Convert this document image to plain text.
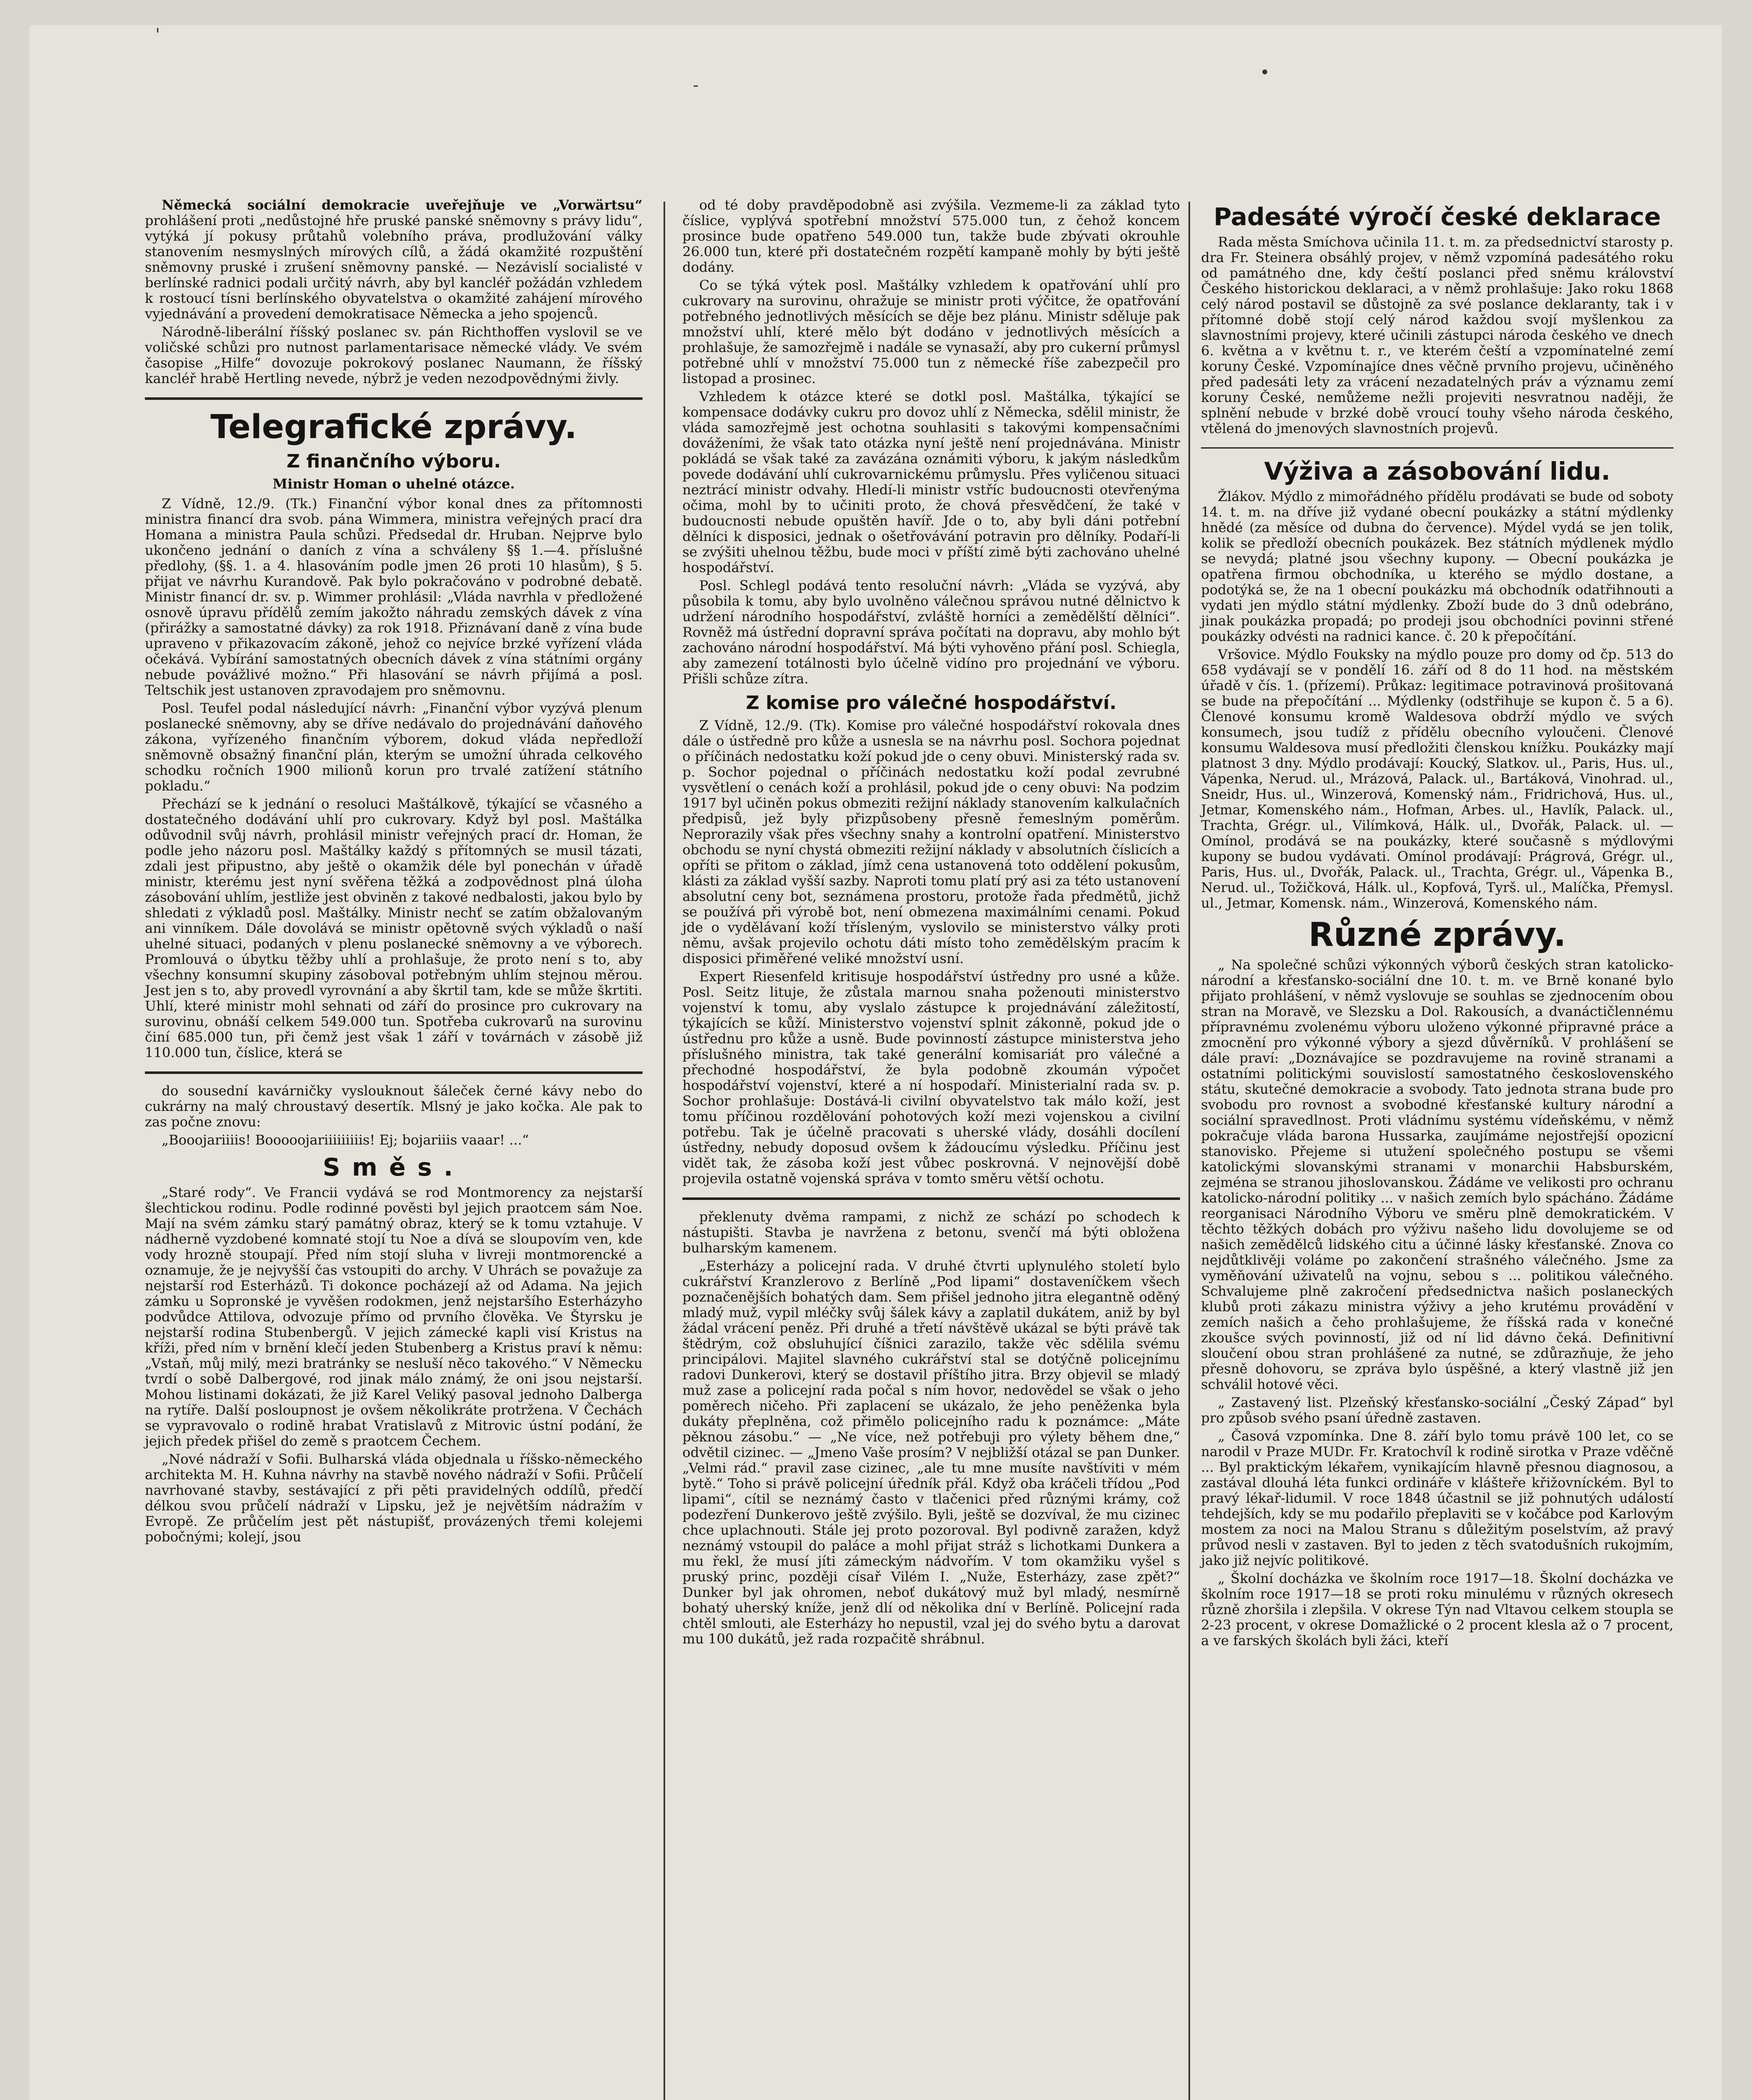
'
-
•

Německá sociální demokracie uveřejňuje ve „Vorwärtsu“ prohlášení proti „nedůstojné hře pruské panské sněmovny s právy lidu“, vytýká jí pokusy průtahů volebního práva, prodlužování války stanovením nesmyslných mírových cílů, a žádá okamžité rozpuštění sněmovny pruské i zrušení sněmovny panské. — Nezávislí socialisté v berlínské radnici podali určitý návrh, aby byl kancléř požádán vzhledem k rostoucí tísni berlínského obyvatelstva o okamžité zahájení mírového vyjednávání a provedení demokratisace Německa a jeho spojenců.

Národně-liberální říšský poslanec sv. pán Richthoffen vyslovil se ve voličské schůzi pro nutnost parlamentarisace německé vlády. Ve svém časopise „Hilfe“ dovozuje pokrokový poslanec Naumann, že říšský kancléř hrabě Hertling nevede, nýbrž je veden nezodpovědnými živly.

Telegrafické zprávy.
Z finančního výboru.
Ministr Homan o uhelné otázce.

Z Vídně, 12./9. (Tk.) Finanční výbor konal dnes za přítomnosti ministra financí dra svob. pána Wimmera, ministra veřejných prací dra Homana a ministra Paula schůzi. Předsedal dr. Hruban. Nejprve bylo ukončeno jednání o daních z vína a schváleny §§ 1.—4. příslušné předlohy, (§§. 1. a 4. hlasováním podle jmen 26 proti 10 hlasům), § 5. přijat ve návrhu Kurandově. Pak bylo pokračováno v podrobné debatě. Ministr financí dr. sv. p. Wimmer prohlásil: „Vláda navrhla v předložené osnově úpravu přídělů zemím jakožto náhradu zemských dávek z vína (přirážky a samostatné dávky) za rok 1918. Přiznávaní daně z vína bude upraveno v přikazovacím zákoně, jehož co nejvíce brzké vyřízení vláda očekává. Vybírání samostatných obecních dávek z vína státními orgány nebude povážlivé možno.“ Při hlasování se návrh přijímá a posl. Teltschik jest ustanoven zpravodajem pro sněmovnu.

Posl. Teufel podal následující návrh: „Finanční výbor vyzývá plenum poslanecké sněmovny, aby se dříve nedávalo do projednávání daňového zákona, vyřízeného finančním výborem, dokud vláda nepředloží sněmovně obsažný finanční plán, kterým se umožní úhrada celkového schodku ročních 1900 milionů korun pro trvalé zatížení státního pokladu.“

Přechází se k jednání o resoluci Maštálkově, týkající se včasného a dostatečného dodávání uhlí pro cukrovary. Když byl posl. Maštálka odůvodnil svůj návrh, prohlásil ministr veřejných prací dr. Homan, že podle jeho názoru posl. Maštálky každý s přítomných se musil tázati, zdali jest připustno, aby ještě o okamžik déle byl ponechán v úřadě ministr, kterému jest nyní svěřena těžká a zodpovědnost plná úloha zásobování uhlím, jestliže jest obviněn z takové nedbalosti, jakou bylo by shledati z výkladů posl. Maštálky. Ministr nechť se zatím obžalovaným ani vinníkem. Dále dovolává se ministr opětovně svých výkladů o naší uhelné situaci, podaných v plenu poslanecké sněmovny a ve výborech. Promlouvá o úbytku těžby uhlí a prohlašuje, že proto není s to, aby všechny konsumní skupiny zásoboval potřebným uhlím stejnou měrou. Jest jen s to, aby provedl vyrovnání a aby škrtil tam, kde se může škrtiti. Uhlí, které ministr mohl sehnati od září do prosince pro cukrovary na surovinu, obnáší celkem 549.000 tun. Spotřeba cukrovarů na surovinu činí 685.000 tun, při čemž jest však 1 září v továrnách v zásobě již 110.000 tun, číslice, která se

do sousední kavárničky vyslouknout šáleček černé kávy nebo do cukrárny na malý chroustavý desertík. Mlsný je jako kočka. Ale pak to zas počne znovu:

„Booojariiiis! Booooojariiiiiiiiis! Ej; bojariiis vaaar! ...“

Směs.

„Staré rody“. Ve Francii vydává se rod Montmorency za nejstarší šlechtickou rodinu. Podle rodinné pověsti byl jejich praotcem sám Noe. Mají na svém zámku starý památný obraz, který se k tomu vztahuje. V nádherně vyzdobené komnaté stojí tu Noe a dívá se sloupovím ven, kde vody hrozně stoupají. Před ním stojí sluha v livreji montmorencké a oznamuje, že je nejvyšší čas vstoupiti do archy. V Uhrách se považuje za nejstarší rod Esterházů. Ti dokonce pocházejí až od Adama. Na jejich zámku u Sopronské je vyvěšen rodokmen, jenž nejstaršího Esterházyho podvůdce Attilova, odvozuje přímo od prvního člověka. Ve Štyrsku je nejstarší rodina Stubenbergů. V jejich zámecké kapli visí Kristus na kříži, před ním v brnění klečí jeden Stubenberg a Kristus praví k němu: „Vstaň, můj milý, mezi bratránky se nesluší něco takového.“ V Německu tvrdí o sobě Dalbergové, rod jinak málo známý, že oni jsou nejstarší. Mohou listinami dokázati, že již Karel Veliký pasoval jednoho Dalberga na rytíře. Další posloupnost je ovšem několikráte protržena. V Čechách se vypravovalo o rodině hrabat Vratislavů z Mitrovic ústní podání, že jejich předek přišel do země s praotcem Čechem.

„Nové nádraží v Sofii. Bulharská vláda objednala u říšsko-německého architekta M. H. Kuhna návrhy na stavbě nového nádraží v Sofii. Průčelí navrhované stavby, sestávající z při pěti pravidelných oddílů, předčí délkou svou průčelí nádraží v Lipsku, jež je největším nádražím v Evropě. Ze průčelím jest pět nástupišť, provázených třemi kolejemi pobočnými; kolejí, jsou

od té doby pravděpodobně asi zvýšila. Vezmeme-li za základ tyto číslice, vyplývá spotřební množství 575.000 tun, z čehož koncem prosince bude opatřeno 549.000 tun, takže bude zbývati okrouhle 26.000 tun, které při dostatečném rozpětí kampaně mohly by býti ještě dodány.

Co se týká výtek posl. Maštálky vzhledem k opatřování uhlí pro cukrovary na surovinu, ohražuje se ministr proti výčitce, že opatřování potřebného jednotlivých měsících se děje bez plánu. Ministr sděluje pak množství uhlí, které mělo být dodáno v jednotlivých měsících a prohlašuje, že samozřejmě i nadále se vynasaží, aby pro cukerní průmysl potřebné uhlí v množství 75.000 tun z německé říše zabezpečil pro listopad a prosinec.

Vzhledem k otázce které se dotkl posl. Maštálka, týkající se kompensace dodávky cukru pro dovoz uhlí z Německa, sdělil ministr, že vláda samozřejmě jest ochotna souhlasiti s takovými kompensačními dováženími, že však tato otázka nyní ještě není projednávána. Ministr pokládá se však také za zavázána oznámiti výboru, k jakým následkům povede dodávání uhlí cukrovarnickému průmyslu. Přes vyličenou situaci neztrácí ministr odvahy. Hledí-li ministr vstříc budoucnosti otevřenýma očima, mohl by to učiniti proto, že chová přesvědčení, že také v budoucnosti nebude opuštěn havíř. Jde o to, aby byli dáni potřební dělníci k disposici, jednak o ošetřovávání potravin pro dělníky. Podaří-li se zvýšiti uhelnou těžbu, bude moci v příští zimě býti zachováno uhelné hospodářství.

Posl. Schlegl podává tento resoluční návrh: „Vláda se vyzývá, aby působila k tomu, aby bylo uvolněno válečnou správou nutné dělnictvo k udržení národního hospodářství, zvláště horníci a zemědělští dělníci“. Rovněž má ústřední dopravní správa počítati na dopravu, aby mohlo být zachováno národní hospodářství. Má býti vyhověno přání posl. Schiegla, aby zamezení totálnosti bylo účelně vidíno pro projednání ve výboru. Přišli schůze zítra.

Z komise pro válečné hospodářství.

Z Vídně, 12./9. (Tk). Komise pro válečné hospodářství rokovala dnes dále o ústředně pro kůže a usnesla se na návrhu posl. Sochora pojednat o příčinách nedostatku koží pokud jde o ceny obuvi. Ministerský rada sv. p. Sochor pojednal o příčinách nedostatku koží podal zevrubné vysvětlení o cenách koží a prohlásil, pokud jde o ceny obuvi: Na podzim 1917 byl učiněn pokus obmeziti režijní náklady stanovením kalkulačních předpisů, jež byly přizpůsobeny přesně řemeslným poměrům. Neprorazily však přes všechny snahy a kontrolní opatření. Ministerstvo obchodu se nyní chystá obmeziti režijní náklady v absolutních číslicích a opříti se přitom o základ, jímž cena ustanovená toto oddělení pokusům, klásti za základ vyšší sazby. Naproti tomu platí prý asi za této ustanovení absolutní ceny bot, seznámena prostoru, protože řada předmětů, jichž se používá při výrobě bot, není obmezena maximálními cenami. Pokud jde o vydělávaní koží třísleným, vyslovilo se ministerstvo války proti němu, avšak projevilo ochotu dáti místo toho zemědělským pracím k disposici přiměřené veliké množství usní.

Expert Riesenfeld kritisuje hospodářství ústředny pro usné a kůže. Posl. Seitz lituje, že zůstala marnou snaha poženouti ministerstvo vojenství k tomu, aby vyslalo zástupce k projednávání záležitostí, týkajících se kůží. Ministerstvo vojenství splnit zákonně, pokud jde o ústřednu pro kůže a usně. Bude povinností zástupce ministerstva jeho příslušného ministra, tak také generální komisariát pro válečné a přechodné hospodářství, že byla podobně zkoumán výpočet hospodářství vojenství, které a ní hospodaří. Ministerialní rada sv. p. Sochor prohlašuje: Dostává-li civilní obyvatelstvo tak málo koží, jest tomu příčinou rozdělování pohotových koží mezi vojenskou a civilní potřebu. Tak je účelně pracovati s uherské vlády, dosáhli docílení ústředny, nebudy doposud ovšem k žádoucímu výsledku. Příčinu jest vidět tak, že zásoba koží jest vůbec poskrovná. V nejnovější době projevila ostatně vojenská správa v tomto směru větší ochotu.

překlenuty dvěma rampami, z nichž ze schází po schodech k nástupišti. Stavba je navržena z betonu, svenčí má býti obložena bulharským kamenem.

„Esterházy a policejní rada. V druhé čtvrti uplynulého století bylo cukrářství Kranzlerovo z Berlíně „Pod lipami“ dostaveníčkem všech poznačenějších bohatých dam. Sem přišel jednoho jitra elegantně oděný mladý muž, vypil mléčky svůj šálek kávy a zaplatil dukátem, aniž by byl žádal vrácení peněz. Při druhé a třetí návštěvě ukázal se býti právě tak štědrým, což obsluhující číšnici zarazilo, takže věc sdělila svému principálovi. Majitel slavného cukrářství stal se dotýčně policejnímu radovi Dunkerovi, který se dostavil příštího jitra. Brzy objevil se mladý muž zase a policejní rada počal s ním hovor, nedovědel se však o jeho poměrech ničeho. Při zaplacení se ukázalo, že jeho peněženka byla dukáty přeplněna, což přimělo policejního radu k poznámce: „Máte pěknou zásobu.“ — „Ne více, než potřebuji pro výlety během dne,“ odvětil cizinec. — „Jmeno Vaše prosím? V nejbližší otázal se pan Dunker. „Velmi rád.“ pravil zase cizinec, „ale tu mne musíte navštíviti v mém bytě.“ Toho si právě policejní úředník přál. Když oba kráčeli třídou „Pod lipami“, cítil se neznámý často v tlačenici před různými krámy, což podezření Dunkerovo ještě zvýšilo. Byli, ještě se dozvíval, že mu cizinec chce uplachnouti. Stále jej proto pozoroval. Byl podivně zaražen, když neznámý vstoupil do paláce a mohl přijat stráž s lichotkami Dunkera a mu řekl, že musí jíti zámeckým nádvořím. V tom okamžiku vyšel s pruský princ, později císař Vilém I. „Nuže, Esterházy, zase zpět?“ Dunker byl jak ohromen, neboť dukátový muž byl mladý, nesmírně bohatý uherský kníže, jenž dlí od několika dní v Berlíně. Policejní rada chtěl smlouti, ale Esterházy ho nepustil, vzal jej do svého bytu a darovat mu 100 dukátů, jež rada rozpačitě shrábnul.

Padesáté výročí české deklarace

Rada města Smíchova učinila 11. t. m. za předsednictví starosty p. dra Fr. Steinera obsáhlý projev, v němž vzpomíná padesátého roku od památného dne, kdy čeští poslanci před sněmu království Českého historickou deklaraci, a v němž prohlašuje: Jako roku 1868 celý národ postavil se důstojně za své poslance deklaranty, tak i v přítomné době stojí celý národ každou svojí myšlenkou za slavnostními projevy, které učinili zástupci národa českého ve dnech 6. května a v květnu t. r., ve kterém čeští a vzpomínatelné zemí koruny České. Vzpomínajíce dnes věčně prvního projevu, učiněného před padesáti lety za vrácení nezadatelných práv a významu zemí koruny České, nemůžeme nežli projeviti nesvratnou naději, že splnění nebude v brzké době vroucí touhy všeho národa českého, vtělená do jmenových slavnostních projevů.

Výživa a zásobování lidu.

Žlákov. Mýdlo z mimořádného přídělu prodávati se bude od soboty 14. t. m. na dříve již vydané obecní poukázky a státní mýdlenky hnědé (za měsíce od dubna do července). Mýdel vydá se jen tolik, kolik se předloží obecních poukázek. Bez státních mýdlenek mýdlo se nevydá; platné jsou všechny kupony. — Obecní poukázka je opatřena firmou obchodníka, u kterého se mýdlo dostane, a podotýká se, že na 1 obecní poukázku má obchodník odatřihnouti a vydati jen mýdlo státní mýdlenky. Zboží bude do 3 dnů odebráno, jinak poukázka propadá; po prodeji jsou obchodníci povinni střené poukázky odvésti na radnici kance. č. 20 k přepočítání.

Vršovice. Mýdlo Fouksky na mýdlo pouze pro domy od čp. 513 do 658 vydávají se v pondělí 16. září od 8 do 11 hod. na městském úřadě v čís. 1. (přízemí). Průkaz: legitimace potravinová prošitovaná se bude na přepočítání ... Mýdlenky (odstřihuje se kupon č. 5 a 6). Členové konsumu kromě Waldesova obdrží mýdlo ve svých konsumech, jsou tudíž z přídělu obecního vyloučeni. Členové konsumu Waldesova musí předložiti členskou knížku. Poukázky mají platnost 3 dny. Mýdlo prodávají: Koucký, Slatkov. ul., Paris, Hus. ul., Vápenka, Nerud. ul., Mrázová, Palack. ul., Bartáková, Vinohrad. ul., Sneidr, Hus. ul., Winzerová, Komenský nám., Fridrichová, Hus. ul., Jetmar, Komenského nám., Hofman, Arbes. ul., Havlík, Palack. ul., Trachta, Grégr. ul., Vilímková, Hálk. ul., Dvořák, Palack. ul. — Omínol, prodává se na poukázky, které současně s mýdlovými kupony se budou vydávati. Omínol prodávají: Prágrová, Grégr. ul., Paris, Hus. ul., Dvořák, Palack. ul., Trachta, Grégr. ul., Vápenka B., Nerud. ul., Tožičková, Hálk. ul., Kopfová, Tyrš. ul., Malíčka, Přemysl. ul., Jetmar, Komensk. nám., Winzerová, Komenského nám.

Různé zprávy.

„ Na společné schůzi výkonných výborů českých stran katolicko-národní a křesťansko-sociální dne 10. t. m. ve Brně konané bylo přijato prohlášení, v němž vyslovuje se souhlas se zjednocením obou stran na Moravě, ve Slezsku a Dol. Rakousích, a dvanáctičlennému přípravnému zvolenému výboru uloženo výkonné připravné práce a zmocnění pro výkonné výbory a sjezd důvěrníků. V prohlášení se dále praví: „Doznávajíce se pozdravujeme na rovině stranami a ostatními politickými souvislostí samostatného československého státu, skutečné demokracie a svobody. Tato jednota strana bude pro svobodu pro rovnost a svobodné křesťanské kultury národní a sociální spravedlnost. Proti vládnímu systému vídeňskému, v němž pokračuje vláda barona Hussarka, zaujímáme nejostřejší opozicní stanovisko. Přejeme si utužení společného postupu se všemi katolickými slovanskými stranami v monarchii Habsburském, zejména se stranou jihoslovanskou. Žádáme ve velikosti pro ochranu katolicko-národní politiky ... v našich zemích bylo spácháno. Žádáme reorganisaci Národního Výboru ve směru plně demokratickém. V těchto těžkých dobách pro výživu našeho lidu dovolujeme se od našich zemědělců lidského citu a účinné lásky křesťanské. Znova co nejdůtklivěji voláme po zakončení strašného válečného. Jsme za vyměňování uživatelů na vojnu, sebou s ... politikou válečného. Schvalujeme plně zakročení předsednictva našich poslaneckých klubů proti zákazu ministra výživy a jeho krutému provádění v zemích našich a čeho prohlašujeme, že říšská rada v konečné zkoušce svých povinností, již od ní lid dávno čeká. Definitivní sloučení obou stran prohlášené za nutné, se zdůrazňuje, že jeho přesně dohovoru, se zpráva bylo úspěšné, a který vlastně již jen schválil hotové věci.

„ Zastavený list. Plzeňský křesťansko-sociální „Český Západ“ byl pro způsob svého psaní úředně zastaven.

„ Časová vzpomínka. Dne 8. září bylo tomu právě 100 let, co se narodil v Praze MUDr. Fr. Kratochvíl k rodině sirotka v Praze vděčně ... Byl praktickým lékařem, vynikajícím hlavně přesnou diagnosou, a zastával dlouhá léta funkci ordináře v klášteře křižovníckém. Byl to pravý lékař-lidumil. V roce 1848 účastnil se již pohnutých událostí tehdejších, kdy se mu podařilo přeplaviti se v kočábce pod Karlovým mostem za noci na Malou Stranu s důležitým poselstvím, až pravý průvod nesli v zastaven. Byl to jeden z těch svatodušních rukojmím, jako již nejvíc politikové.

„ Školní docházka ve školním roce 1917—18. Školní docházka ve školním roce 1917—18 se proti roku minulému v různých okresech různě zhoršila i zlepšila. V okrese Týn nad Vltavou celkem stoupla se 2-23 procent, v okrese Domažlické o 2 procent klesla až o 7 procent, a ve farských školách byli žáci, kteří
